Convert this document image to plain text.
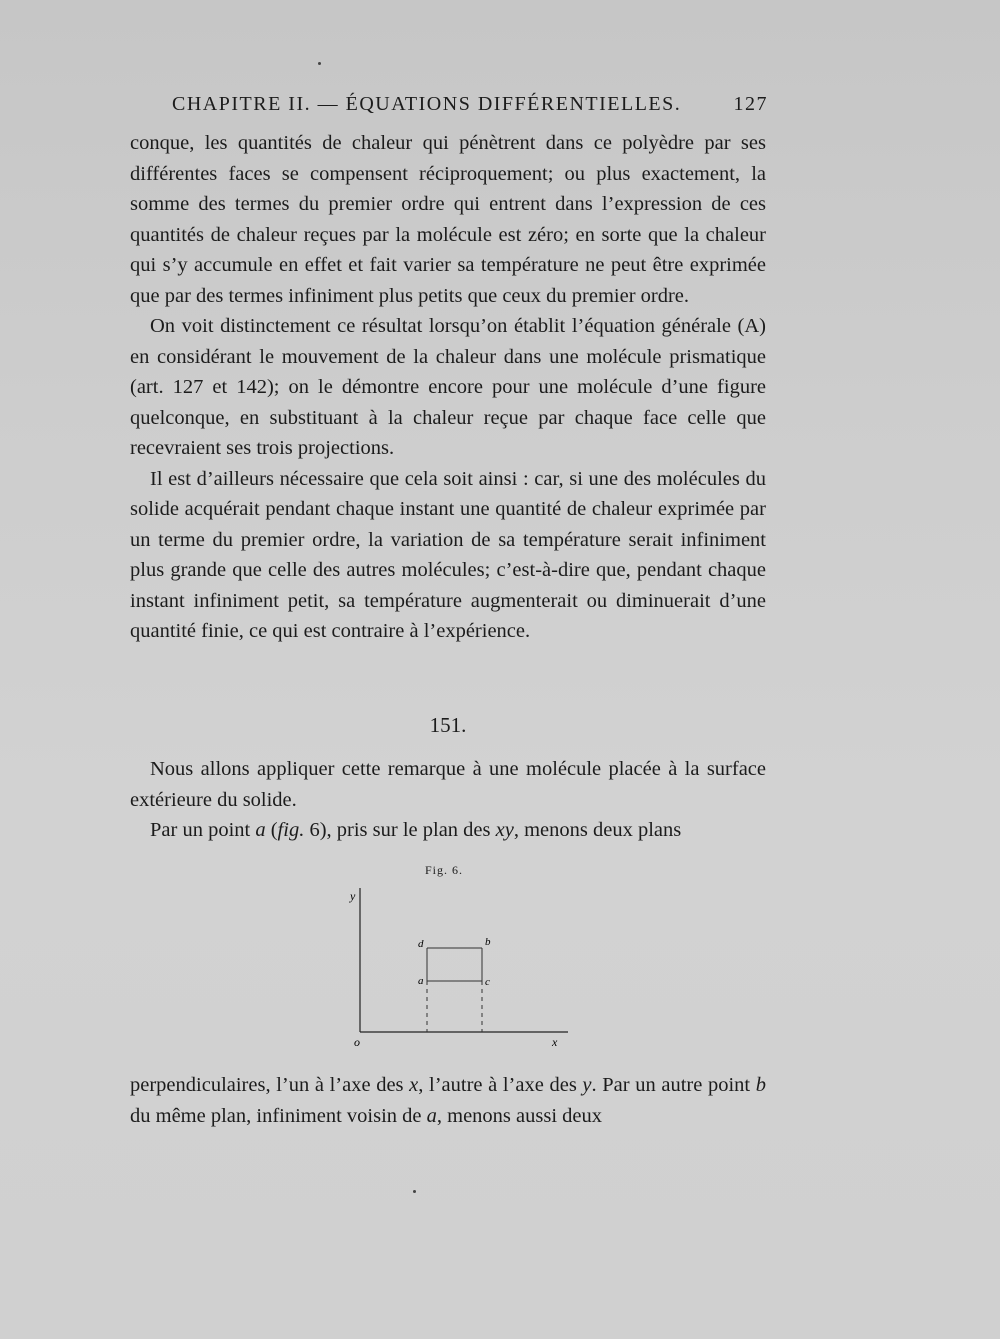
CHAPITRE II. — ÉQUATIONS DIFFÉRENTIELLES.	127

conque, les quantités de chaleur qui pénètrent dans ce polyèdre par ses différentes faces se compensent réciproquement; ou plus exactement, la somme des termes du premier ordre qui entrent dans l’expression de ces quantités de chaleur reçues par la molécule est zéro; en sorte que la chaleur qui s’y accumule en effet et fait varier sa température ne peut être exprimée que par des termes infiniment plus petits que ceux du premier ordre.

On voit distinctement ce résultat lorsqu’on établit l’équation générale (A) en considérant le mouvement de la chaleur dans une molécule prismatique (art. 127 et 142); on le démontre encore pour une molécule d’une figure quelconque, en substituant à la chaleur reçue par chaque face celle que recevraient ses trois projections.

Il est d’ailleurs nécessaire que cela soit ainsi : car, si une des molécules du solide acquérait pendant chaque instant une quantité de chaleur exprimée par un terme du premier ordre, la variation de sa température serait infiniment plus grande que celle des autres molécules; c’est-à-dire que, pendant chaque instant infiniment petit, sa température augmenterait ou diminuerait d’une quantité finie, ce qui est contraire à l’expérience.

151.

Nous allons appliquer cette remarque à une molécule placée à la surface extérieure du solide.

Par un point a (fig. 6), pris sur le plan des xy, menons deux plans

Fig. 6.
y
x
o
a
b
c
d

perpendiculaires, l’un à l’axe des x, l’autre à l’axe des y. Par un autre point b du même plan, infiniment voisin de a, menons aussi deux
